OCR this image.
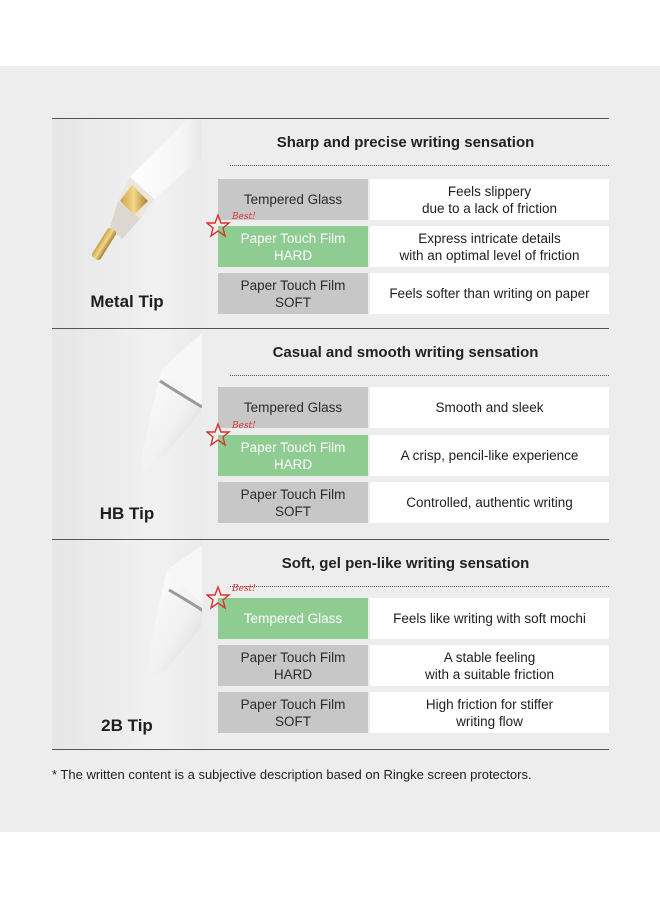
Metal Tip
Sharp and precise writing sensation
Tempered Glass
Feels slippery
due to a lack of friction
Paper Touch Film
HARD
Express intricate details
with an optimal level of friction
Best!
Paper Touch Film
SOFT
Feels softer than writing on paper
HB Tip
Casual and smooth writing sensation
Tempered Glass	Smooth and sleek
Paper Touch Film
HARD
A crisp, pencil-like experience
Best!
Paper Touch Film
SOFT
Controlled, authentic writing
2B Tip
Soft, gel pen-like writing sensation
Tempered Glass	Feels like writing with soft mochi
Best!
Paper Touch Film
HARD
A stable feeling
with a suitable friction
Paper Touch Film
SOFT
High friction for stiffer
writing flow
* The written content is a subjective description based on Ringke screen protectors.
